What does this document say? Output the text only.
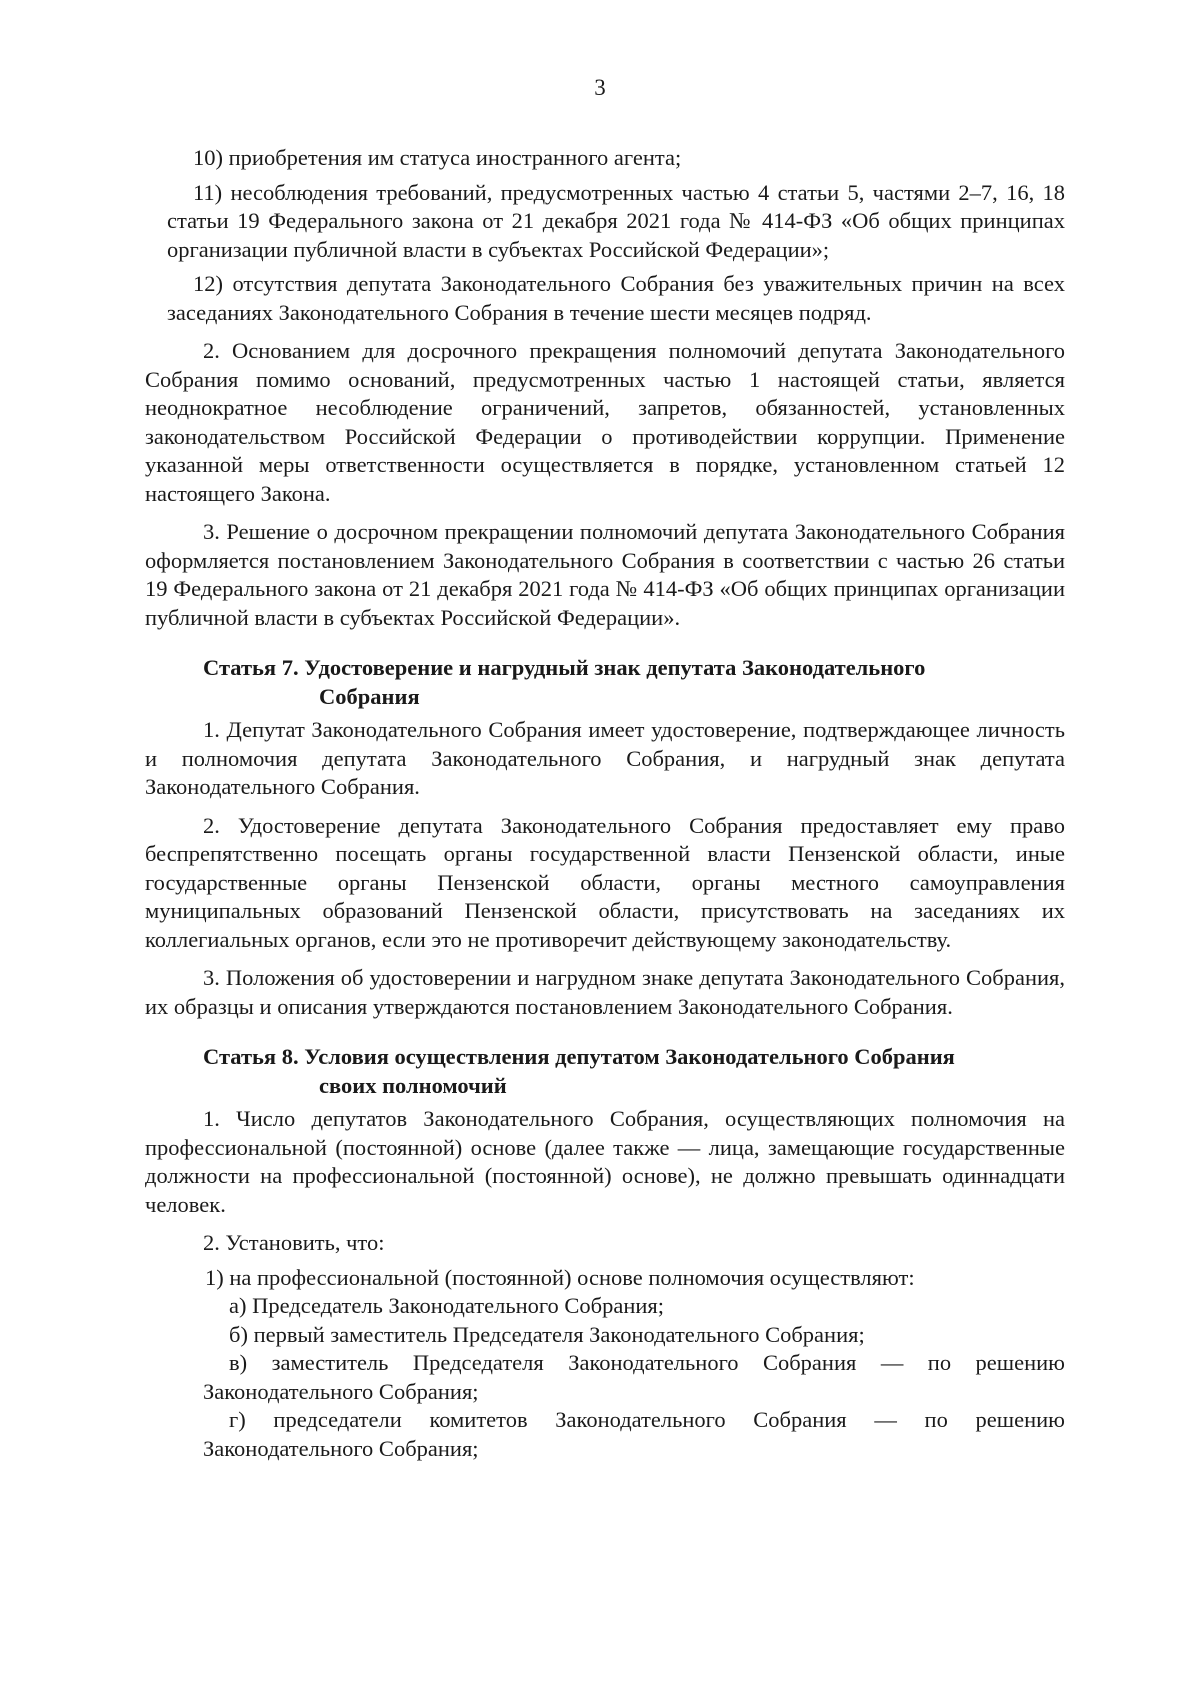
3

10) приобретения им статуса иностранного агента;

11) несоблюдения требований, предусмотренных частью 4 статьи 5, частями 2–7, 16, 18 статьи 19 Федерального закона от 21 декабря 2021 года № 414-ФЗ «Об общих принципах организации публичной власти в субъектах Российской Федерации»;

12) отсутствия депутата Законодательного Собрания без уважительных причин на всех заседаниях Законодательного Собрания в течение шести месяцев подряд.

2. Основанием для досрочного прекращения полномочий депутата Законодательного Собрания помимо оснований, предусмотренных частью 1 настоящей статьи, является неоднократное несоблюдение ограничений, запретов, обязанностей, установленных законодательством Российской Федерации о противодействии коррупции. Применение указанной меры ответственности осуществляется в порядке, установленном статьей 12 настоящего Закона.

3. Решение о досрочном прекращении полномочий депутата Законодательного Собрания оформляется постановлением Законодательного Собрания в соответствии с частью 26 статьи 19 Федерального закона от 21 декабря 2021 года № 414-ФЗ «Об общих принципах организации публичной власти в субъектах Российской Федерации».

Статья 7. Удостоверение и нагрудный знак депутата Законодательного
Собрания

1. Депутат Законодательного Собрания имеет удостоверение, подтверждающее личность и полномочия депутата Законодательного Собрания, и нагрудный знак депутата Законодательного Собрания.

2. Удостоверение депутата Законодательного Собрания предоставляет ему право беспрепятственно посещать органы государственной власти Пензенской области, иные государственные органы Пензенской области, органы местного самоуправления муниципальных образований Пензенской области, присутствовать на заседаниях их коллегиальных органов, если это не противоречит действующему законодательству.

3. Положения об удостоверении и нагрудном знаке депутата Законодательного Собрания, их образцы и описания утверждаются постановлением Законодательного Собрания.

Статья 8. Условия осуществления депутатом Законодательного Собрания
своих полномочий

1. Число депутатов Законодательного Собрания, осуществляющих полномочия на профессиональной (постоянной) основе (далее также — лица, замещающие государственные должности на профессиональной (постоянной) основе), не должно превышать одиннадцати человек.

2. Установить, что:

1) на профессиональной (постоянной) основе полномочия осуществляют:

а) Председатель Законодательного Собрания;

б) первый заместитель Председателя Законодательного Собрания;

в) заместитель Председателя Законодательного Собрания — по решению Законодательного Собрания;

г) председатели комитетов Законодательного Собрания — по решению Законодательного Собрания;
